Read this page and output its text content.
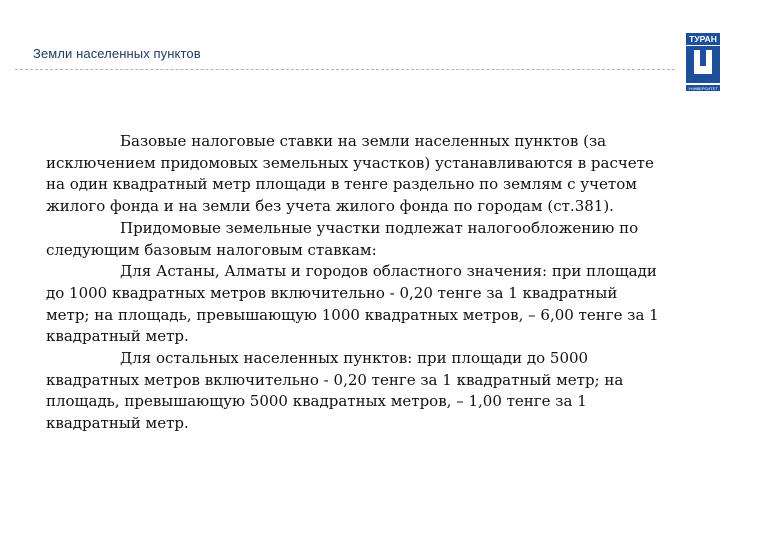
Земли населенных пунктов
ТУРАН
УНИВЕРСИТЕТ

Базовые налоговые ставки на земли населенных пунктов (за
исключением придомовых земельных участков) устанавливаются в расчете
на один квадратный метр площади в тенге раздельно по землям с учетом
жилого фонда и на земли без учета жилого фонда по городам (ст.381).

Придомовые земельные участки подлежат налогообложению по
следующим базовым налоговым ставкам:

Для Астаны, Алматы и городов областного значения: при площади
до 1000 квадратных метров включительно - 0,20 тенге за 1 квадратный
метр; на площадь, превышающую 1000 квадратных метров, – 6,00 тенге за 1
квадратный метр.

Для остальных населенных пунктов: при площади до 5000
квадратных метров включительно - 0,20 тенге за 1 квадратный метр; на
площадь, превышающую 5000 квадратных метров, – 1,00 тенге за 1
квадратный метр.
